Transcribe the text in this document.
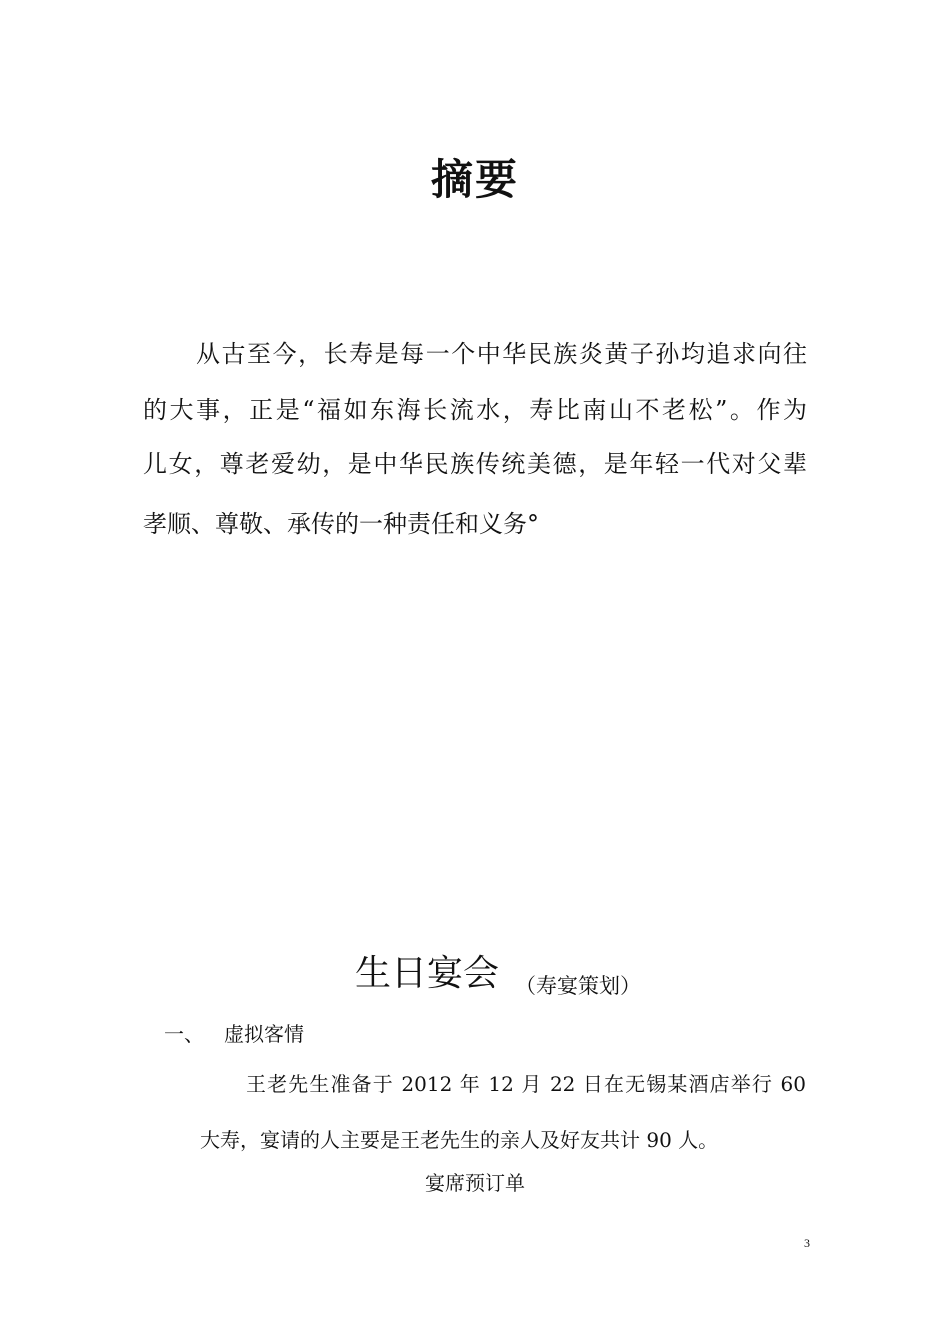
摘要

从古至今，长寿是每一个中华民族炎黄子孙均追求向往

的大事，正是“福如东海长流水，寿比南山不老松”。作为

儿女，尊老爱幼，是中华民族传统美德，是年轻一代对父辈

孝顺、尊敬、承传的一种责任和义务°

生日宴会 （寿宴策划）
一、 虚拟客情

王老先生准备于 2012 年 12 月 22 日在无锡某酒店举行 60

大寿，宴请的人主要是王老先生的亲人及好友共计 90 人。

宴席预订单

3
